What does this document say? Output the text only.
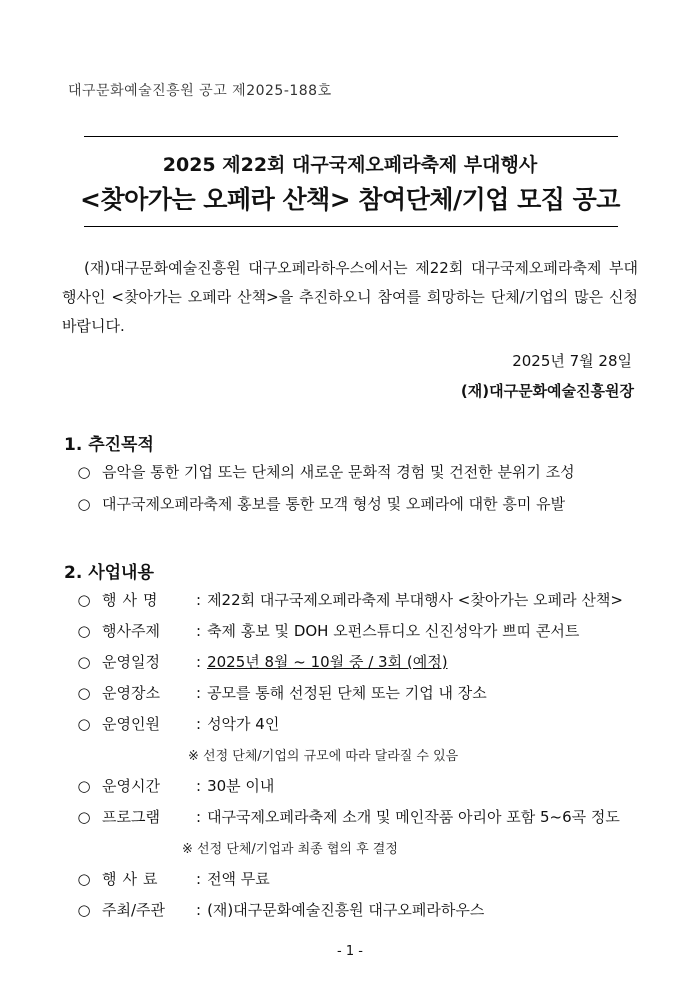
대구문화예술진흥원 공고 제2025-188호
2025 제22회 대구국제오페라축제 부대행사
<찾아가는 오페라 산책> 참여단체/기업 모집 공고

(재)대구문화예술진흥원 대구오페라하우스에서는 제22회 대구국제오페라축제 부대행사인 <찾아가는 오페라 산책>을 추진하오니 참여를 희망하는 단체/기업의 많은 신청 바랍니다.

2025년 7월 28일
(재)대구문화예술진흥원장
1. 추진목적
○ 음악을 통한 기업 또는 단체의 새로운 문화적 경험 및 건전한 분위기 조성
○ 대구국제오페라축제 홍보를 통한 모객 형성 및 오페라에 대한 흥미 유발
2. 사업내용
○ 행사명 : 제22회 대구국제오페라축제 부대행사 <찾아가는 오페라 산책>
○ 행사주제 : 축제 홍보 및 DOH 오펀스튜디오 신진성악가 쁘띠 콘서트
○ 운영일정 : 2025년 8월 ~ 10월 중 / 3회 (예정)
○ 운영장소 : 공모를 통해 선정된 단체 또는 기업 내 장소
○ 운영인원 : 성악가 4인
○ 운영시간 : 30분 이내
○ 프로그램 : 대구국제오페라축제 소개 및 메인작품 아리아 포함 5~6곡 정도
○ 행사료 : 전액 무료
○ 주최/주관 : (재)대구문화예술진흥원 대구오페라하우스
※ 선정 단체/기업의 규모에 따라 달라질 수 있음
※ 선정 단체/기업과 최종 협의 후 결정
- 1 -
